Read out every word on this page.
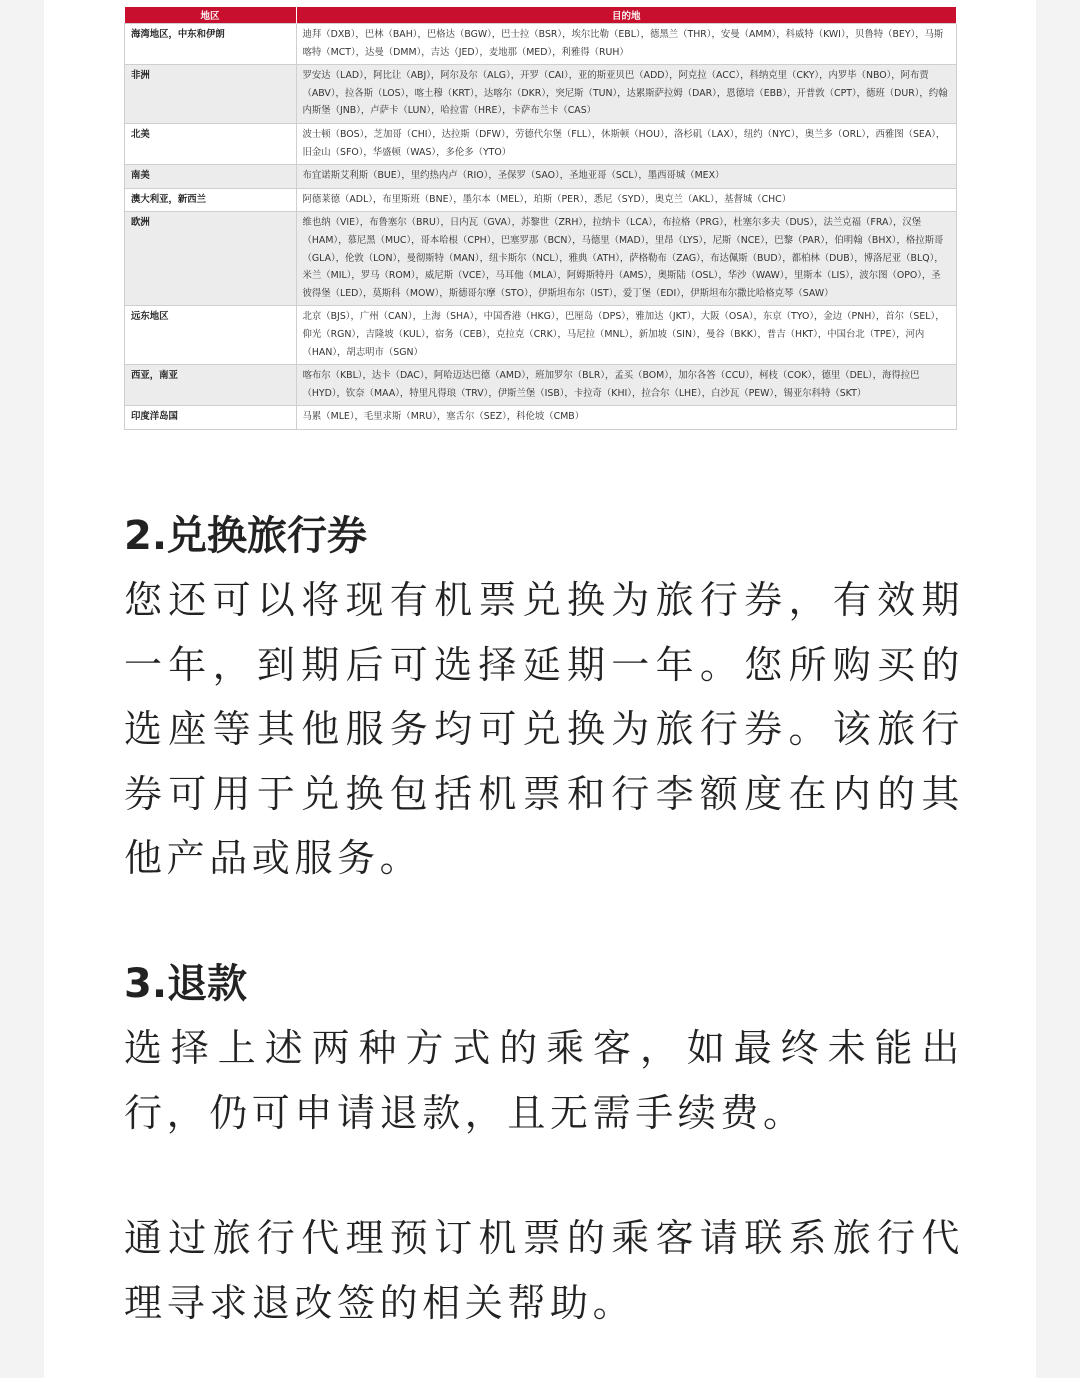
地区	目的地
海湾地区，中东和伊朗	迪拜（DXB），巴林（BAH），巴格达（BGW），巴士拉（BSR），埃尔比勒（EBL），德黑兰（THR），安曼（AMM），科威特（KWI），贝鲁特（BEY），马斯喀特（MCT），达曼（DMM），吉达（JED），麦地那（MED），利雅得（RUH）
非洲	罗安达（LAD），阿比让（ABJ），阿尔及尔（ALG），开罗（CAI），亚的斯亚贝巴（ADD），阿克拉（ACC），科纳克里（CKY），内罗毕（NBO），阿布贾（ABV），拉各斯（LOS），喀土穆（KRT），达喀尔（DKR），突尼斯（TUN），达累斯萨拉姆（DAR），恩德培（EBB），开普敦（CPT），德班（DUR），约翰内斯堡（JNB），卢萨卡（LUN），哈拉雷（HRE），卡萨布兰卡（CAS）
北美	波士顿（BOS），芝加哥（CHI），达拉斯（DFW），劳德代尔堡（FLL），休斯顿（HOU），洛杉矶（LAX），纽约（NYC），奥兰多（ORL），西雅图（SEA），旧金山（SFO），华盛顿（WAS），多伦多（YTO）
南美	布宜诺斯艾利斯（BUE），里约热内卢（RIO），圣保罗（SAO），圣地亚哥（SCL），墨西哥城（MEX）
澳大利亚，新西兰	阿德莱德（ADL），布里斯班（BNE），墨尔本（MEL），珀斯（PER），悉尼（SYD），奥克兰（AKL），基督城（CHC）
欧洲	维也纳（VIE），布鲁塞尔（BRU），日内瓦（GVA），苏黎世（ZRH），拉纳卡（LCA），布拉格（PRG），杜塞尔多夫（DUS），法兰克福（FRA），汉堡（HAM），慕尼黑（MUC），哥本哈根（CPH），巴塞罗那（BCN），马德里（MAD），里昂（LYS），尼斯（NCE），巴黎（PAR），伯明翰（BHX），格拉斯哥（GLA），伦敦（LON），曼彻斯特（MAN），纽卡斯尔（NCL），雅典（ATH），萨格勒布（ZAG），布达佩斯（BUD），都柏林（DUB），博洛尼亚（BLQ），米兰（MIL），罗马（ROM），威尼斯（VCE），马耳他（MLA），阿姆斯特丹（AMS），奥斯陆（OSL），华沙（WAW），里斯本（LIS），波尔图（OPO），圣彼得堡（LED），莫斯科（MOW），斯德哥尔摩（STO），伊斯坦布尔（IST），爱丁堡（EDI），伊斯坦布尔撒比哈格克琴（SAW）
远东地区	北京（BJS），广州（CAN），上海（SHA），中国香港（HKG），巴厘岛（DPS），雅加达（JKT），大阪（OSA），东京（TYO），金边（PNH），首尔（SEL），仰光（RGN），吉隆坡（KUL），宿务（CEB），克拉克（CRK），马尼拉（MNL），新加坡（SIN），曼谷（BKK），普吉（HKT），中国台北（TPE），河内（HAN），胡志明市（SGN）
西亚，南亚	喀布尔（KBL），达卡（DAC），阿哈迈达巴德（AMD），班加罗尔（BLR），孟买（BOM），加尔各答（CCU），柯枝（COK），德里（DEL），海得拉巴（HYD），钦奈（MAA），特里凡得琅（TRV），伊斯兰堡（ISB），卡拉奇（KHI），拉合尔（LHE），白沙瓦（PEW），锡亚尔科特（SKT）
印度洋岛国	马累（MLE），毛里求斯（MRU），塞舌尔（SEZ），科伦坡（CMB）
2.兑换旅行券

您还可以将现有机票兑换为旅行券，有效期一年，到期后可选择延期一年。您所购买的选座等其他服务均可兑换为旅行券。该旅行券可用于兑换包括机票和行李额度在内的其他产品或服务。

3.退款

选择上述两种方式的乘客，如最终未能出行，仍可申请退款，且无需手续费。

通过旅行代理预订机票的乘客请联系旅行代理寻求退改签的相关帮助。
